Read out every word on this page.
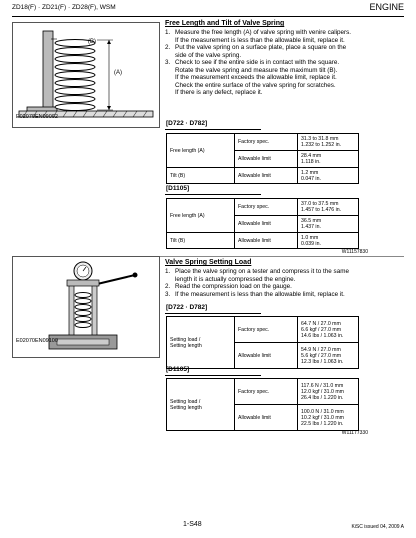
ZD18(F) · ZD21(F) · ZD28(F), WSM	ENGINE
(B)
(A)
E02070EN09002
Free Length and Tilt of Valve Spring
1. Measure the free length (A) of valve spring with venire calipers.
If the measurement is less than the allowable limit, replace it.
2. Put the valve spring on a surface plate, place a square on the
side of the valve spring.
3. Check to see if the entire side is in contact with the square.
Rotate the valve spring and measure the maximum tilt (B).
If the measurement exceeds the allowable limit, replace it.
Check the entire surface of the valve spring for scratches.
If there is any defect, replace it.
[D722 · D782]
Free length (A)	Factory spec.	31.3 to 31.8 mm
1.232 to 1.252 in.
	Allowable limit	28.4 mm
1.118 in.
Tilt (B)	Allowable limit	1.2 mm
0.047 in.
[D1105]
Free length (A)	Factory spec.	37.0 to 37.5 mm
1.457 to 1.476 in.
	Allowable limit	36.5 mm
1.437 in.
Tilt (B)	Allowable limit	1.0 mm
0.039 in.
W11157830
E02070EN09100
Valve Spring Setting Load
1. Place the valve spring on a tester and compress it to the same
length it is actually compressed the engine.
2. Read the compression load on the gauge.
3. If the measurement is less than the allowable limit, replace it.
[D722 · D782]
Setting load /
Setting length	Factory spec.	64.7 N / 27.0 mm
6.6 kgf / 27.0 mm
14.6 lbs / 1.063 in.
	Allowable limit	54.9 N / 27.0 mm
5.6 kgf / 27.0 mm
12.3 lbs / 1.063 in.
[D1105]
Setting load /
Setting length	Factory spec.	117.6 N / 31.0 mm
12.0 kgf / 31.0 mm
26.4 lbs / 1.220 in.
	Allowable limit	100.0 N / 31.0 mm
10.2 kgf / 31.0 mm
22.5 lbs / 1.220 in.
W11177330
1-S48	KiSC issued 04, 2009 A
